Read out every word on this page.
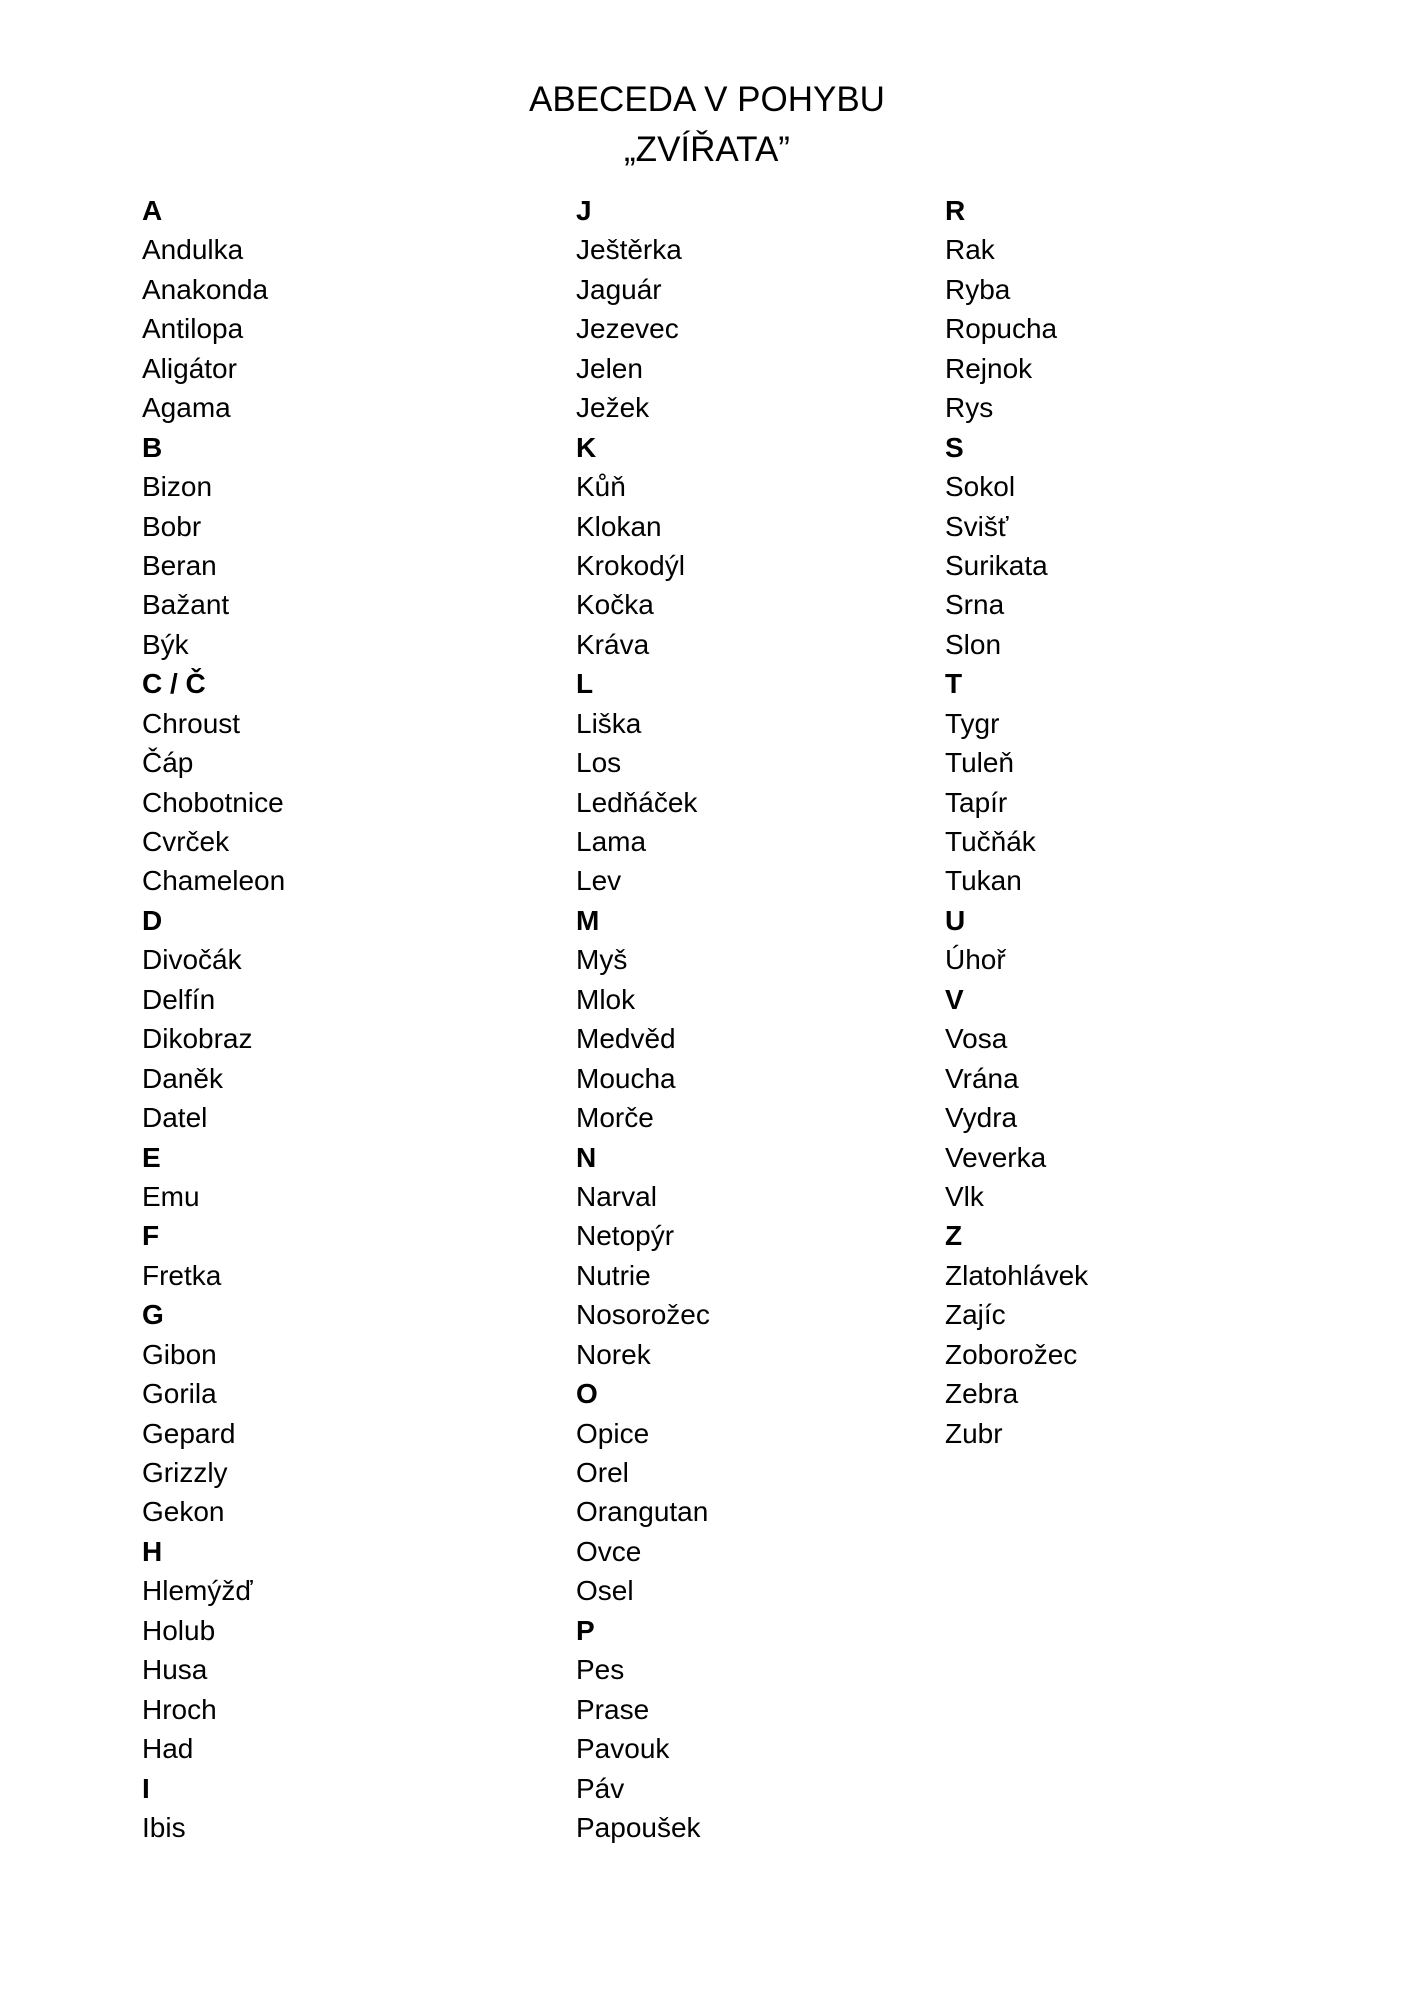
ABECEDA V POHYBU
„ZVÍŘATA”
A
Andulka
Anakonda
Antilopa
Aligátor
Agama
B
Bizon
Bobr
Beran
Bažant
Býk
C / Č
Chroust
Čáp
Chobotnice
Cvrček
Chameleon
D
Divočák
Delfín
Dikobraz
Daněk
Datel
E
Emu
F
Fretka
G
Gibon
Gorila
Gepard
Grizzly
Gekon
H
Hlemýžď
Holub
Husa
Hroch
Had
I
Ibis
J
Ještěrka
Jaguár
Jezevec
Jelen
Ježek
K
Kůň
Klokan
Krokodýl
Kočka
Kráva
L
Liška
Los
Ledňáček
Lama
Lev
M
Myš
Mlok
Medvěd
Moucha
Morče
N
Narval
Netopýr
Nutrie
Nosorožec
Norek
O
Opice
Orel
Orangutan
Ovce
Osel
P
Pes
Prase
Pavouk
Páv
Papoušek
R
Rak
Ryba
Ropucha
Rejnok
Rys
S
Sokol
Svišť
Surikata
Srna
Slon
T
Tygr
Tuleň
Tapír
Tučňák
Tukan
U
Úhoř
V
Vosa
Vrána
Vydra
Veverka
Vlk
Z
Zlatohlávek
Zajíc
Zoborožec
Zebra
Zubr
